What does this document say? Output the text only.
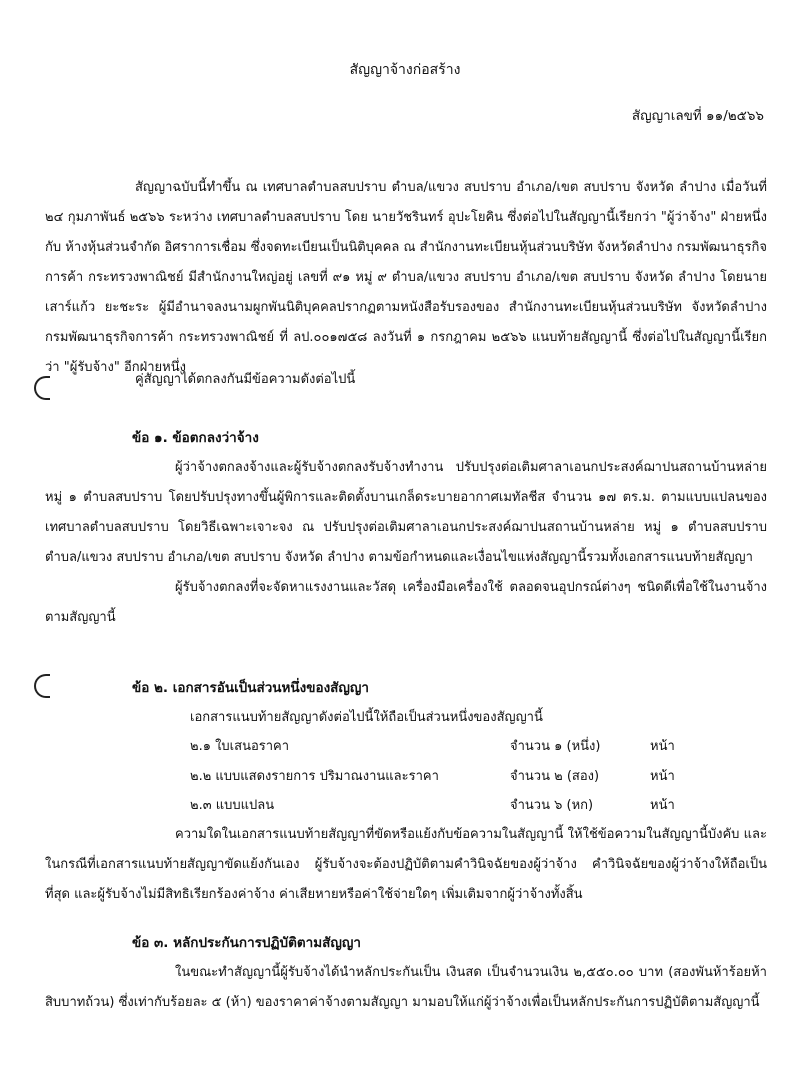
สัญญาจ้างก่อสร้าง
สัญญาเลขที่ ๑๑/๒๕๖๖

สัญญาฉบับนี้ทำขึ้น ณ เทศบาลตำบลสบปราบ ตำบล/แขวง สบปราบ อำเภอ/เขต สบปราบ จังหวัด ลำปาง เมื่อวันที่ ๒๔ กุมภาพันธ์ ๒๕๖๖ ระหว่าง เทศบาลตำบลสบปราบ โดย นายวัชรินทร์ อุปะโยคิน ซึ่งต่อไปในสัญญานี้เรียกว่า "ผู้ว่าจ้าง" ฝ่ายหนึ่ง กับ ห้างหุ้นส่วนจำกัด อิศราการเชื่อม ซึ่งจดทะเบียนเป็นนิติบุคคล ณ สำนักงานทะเบียนหุ้นส่วนบริษัท จังหวัดลำปาง กรมพัฒนาธุรกิจการค้า กระทรวงพาณิชย์ มีสำนักงานใหญ่อยู่ เลขที่ ๙๑ หมู่ ๙ ตำบล/แขวง สบปราบ อำเภอ/เขต สบปราบ จังหวัด ลำปาง โดยนายเสาร์แก้ว ยะชะระ ผู้มีอำนาจลงนามผูกพันนิติบุคคลปรากฏตามหนังสือรับรองของ สำนักงานทะเบียนหุ้นส่วนบริษัท จังหวัดลำปาง กรมพัฒนาธุรกิจการค้า กระทรวงพาณิชย์ ที่ ลป.๐๐๑๗๕๘ ลงวันที่ ๑ กรกฎาคม ๒๕๖๖ แนบท้ายสัญญานี้ ซึ่งต่อไปในสัญญานี้เรียกว่า "ผู้รับจ้าง" อีกฝ่ายหนึ่ง

คู่สัญญาได้ตกลงกันมีข้อความดังต่อไปนี้

ข้อ ๑. ข้อตกลงว่าจ้าง

ผู้ว่าจ้างตกลงจ้างและผู้รับจ้างตกลงรับจ้างทำงาน ปรับปรุงต่อเติมศาลาเอนกประสงค์ฌาปนสถานบ้านหล่าย หมู่ ๑ ตำบลสบปราบ โดยปรับปรุงทางขึ้นผู้พิการและติดตั้งบานเกล็ดระบายอากาศเมทัลชีส จำนวน ๑๗ ตร.ม. ตามแบบแปลนของเทศบาลตำบลสบปราบ โดยวิธีเฉพาะเจาะจง ณ ปรับปรุงต่อเติมศาลาเอนกประสงค์ฌาปนสถานบ้านหล่าย หมู่ ๑ ตำบลสบปราบ ตำบล/แขวง สบปราบ อำเภอ/เขต สบปราบ จังหวัด ลำปาง ตามข้อกำหนดและเงื่อนไขแห่งสัญญานี้รวมทั้งเอกสารแนบท้ายสัญญา

ผู้รับจ้างตกลงที่จะจัดหาแรงงานและวัสดุ เครื่องมือเครื่องใช้ ตลอดจนอุปกรณ์ต่างๆ ชนิดดีเพื่อใช้ในงานจ้างตามสัญญานี้

ข้อ ๒. เอกสารอันเป็นส่วนหนึ่งของสัญญา
เอกสารแนบท้ายสัญญาดังต่อไปนี้ให้ถือเป็นส่วนหนึ่งของสัญญานี้
๒.๑ ใบเสนอราคา	จำนวน ๑ (หนึ่ง)	หน้า
๒.๒ แบบแสดงรายการ ปริมาณงานและราคา	จำนวน ๒ (สอง)	หน้า
๒.๓ แบบแปลน	จำนวน ๖ (หก)	หน้า

ความใดในเอกสารแนบท้ายสัญญาที่ขัดหรือแย้งกับข้อความในสัญญานี้ ให้ใช้ข้อความในสัญญานี้บังคับ และในกรณีที่เอกสารแนบท้ายสัญญาขัดแย้งกันเอง ผู้รับจ้างจะต้องปฏิบัติตามคำวินิจฉัยของผู้ว่าจ้าง คำวินิจฉัยของผู้ว่าจ้างให้ถือเป็นที่สุด และผู้รับจ้างไม่มีสิทธิเรียกร้องค่าจ้าง ค่าเสียหายหรือค่าใช้จ่ายใดๆ เพิ่มเติมจากผู้ว่าจ้างทั้งสิ้น

ข้อ ๓. หลักประกันการปฏิบัติตามสัญญา

ในขณะทำสัญญานี้ผู้รับจ้างได้นำหลักประกันเป็น เงินสด เป็นจำนวนเงิน ๒,๕๕๐.๐๐ บาท (สองพันห้าร้อยห้าสิบบาทถ้วน) ซึ่งเท่ากับร้อยละ ๕ (ห้า) ของราคาค่าจ้างตามสัญญา มามอบให้แก่ผู้ว่าจ้างเพื่อเป็นหลักประกันการปฏิบัติตามสัญญานี้
